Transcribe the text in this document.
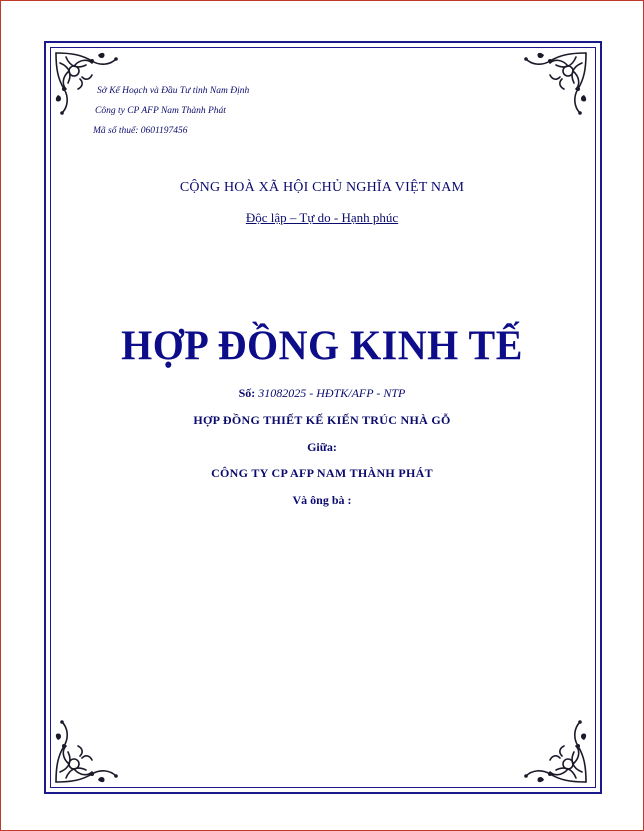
Sở Kế Hoạch và Đầu Tư tỉnh Nam Định
Công ty CP AFP Nam Thành Phát
Mã số thuế: 0601197456
CỘNG HOÀ XÃ HỘI CHỦ NGHĨA VIỆT NAM
Độc lập – Tự do - Hạnh phúc
HỢP ĐỒNG KINH TẾ
Số: 31082025 - HĐTK/AFP - NTP
HỢP ĐỒNG THIẾT KẾ KIẾN TRÚC NHÀ GỖ
Giữa:
CÔNG TY CP AFP NAM THÀNH PHÁT
Và ông bà :
